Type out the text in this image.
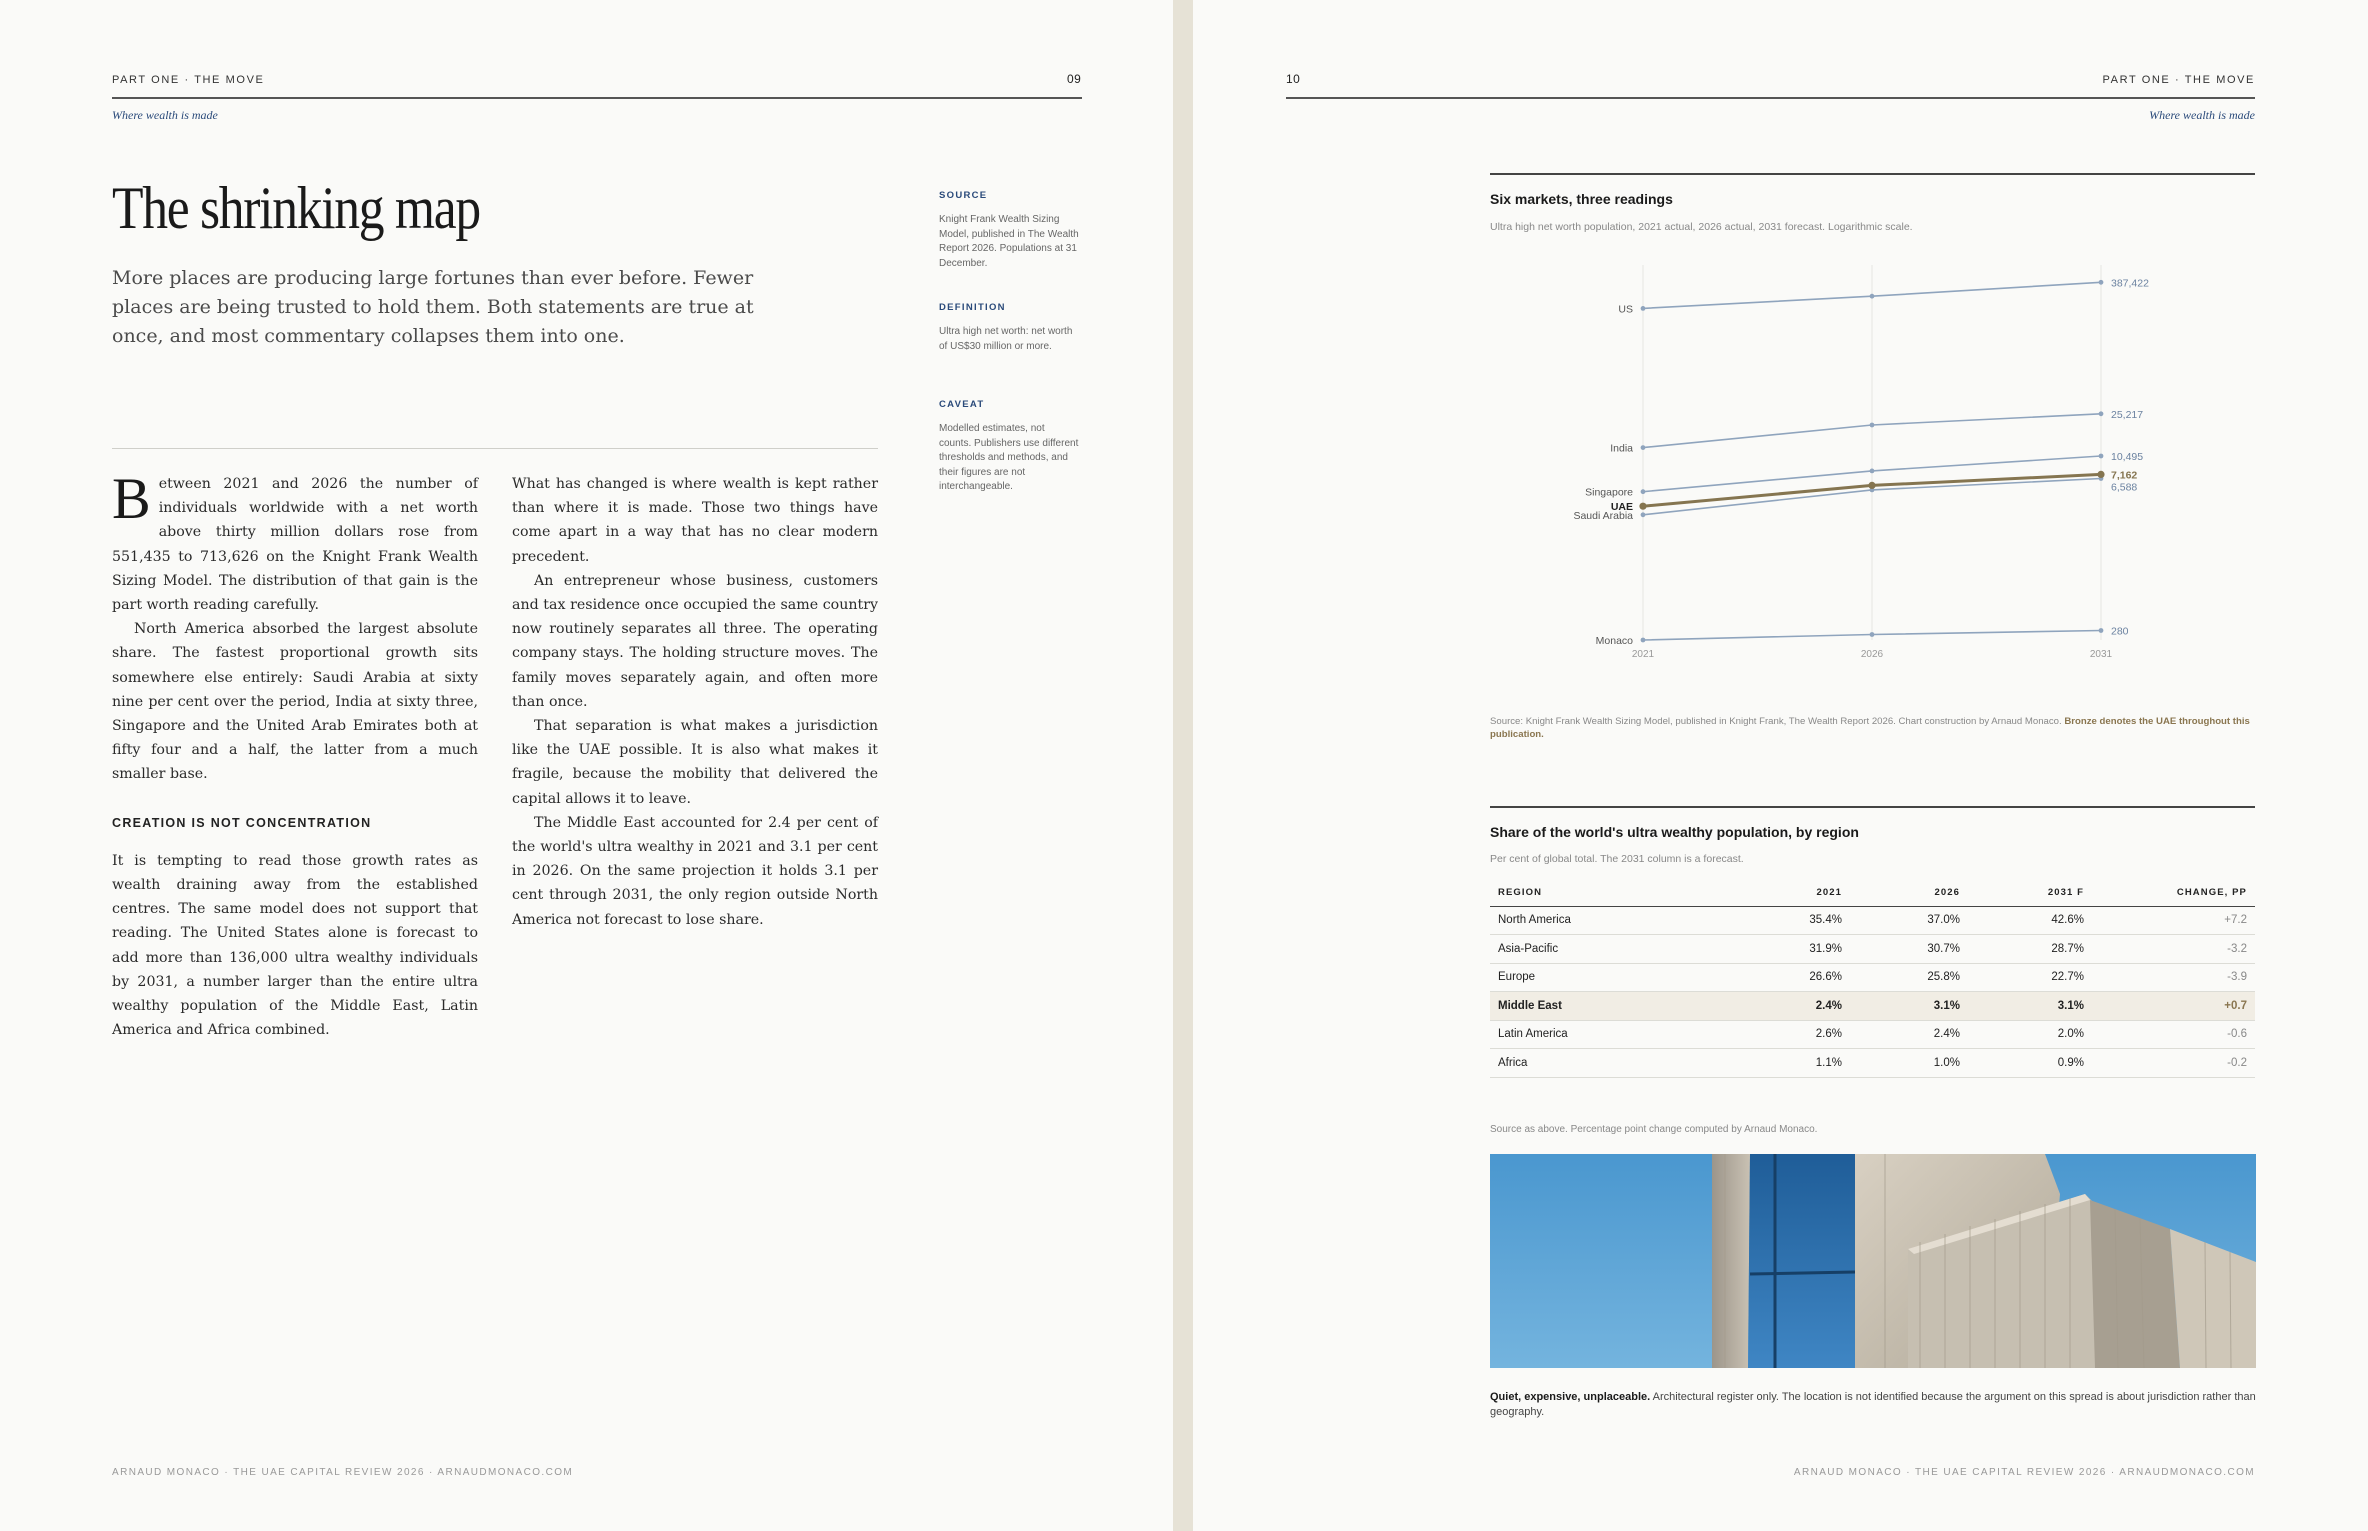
PART ONE · THE MOVE	09
Where wealth is made
The shrinking map
More places are producing large fortunes than ever before. Fewer places are being trusted to hold them. Both statements are true at once, and most commentary collapses them into one.
SOURCE
Knight Frank Wealth Sizing Model, published in The Wealth Report 2026. Populations at 31 December.
DEFINITION
Ultra high net worth: net worth of US$30 million or more.
CAVEAT
Modelled estimates, not counts. Publishers use different thresholds and methods, and their figures are not interchangeable.

Between 2021 and 2026 the number of individuals worldwide with a net worth above thirty million dollars rose from 551,435 to 713,626 on the Knight Frank Wealth Sizing Model. The distribution of that gain is the part worth reading carefully.

North America absorbed the largest absolute share. The fastest proportional growth sits somewhere else entirely: Saudi Arabia at sixty nine per cent over the period, India at sixty three, Singapore and the United Arab Emirates both at fifty four and a half, the latter from a much smaller base.

CREATION IS NOT CONCENTRATION

It is tempting to read those growth rates as wealth draining away from the established centres. The same model does not support that reading. The United States alone is forecast to add more than 136,000 ultra wealthy individuals by 2031, a number larger than the entire ultra wealthy population of the Middle East, Latin America and Africa combined.

What has changed is where wealth is kept rather than where it is made. Those two things have come apart in a way that has no clear modern precedent.

An entrepreneur whose business, customers and tax residence once occupied the same country now routinely separates all three. The operating company stays. The holding structure moves. The family moves separately again, and often more than once.

That separation is what makes a jurisdiction like the UAE possible. It is also what makes it fragile, because the mobility that delivered the capital allows it to leave.

The Middle East accounted for 2.4 per cent of the world's ultra wealthy in 2021 and 3.1 per cent in 2026. On the same projection it holds 3.1 per cent through 2031, the only region outside North America not forecast to lose share.

ARNAUD MONACO · THE UAE CAPITAL REVIEW 2026 · ARNAUDMONACO.COM
10	PART ONE · THE MOVE
Where wealth is made
Six markets, three readings
Ultra high net worth population, 2021 actual, 2026 actual, 2031 forecast. Logarithmic scale.
Source: Knight Frank Wealth Sizing Model, published in Knight Frank, The Wealth Report 2026. Chart construction by Arnaud Monaco. Bronze denotes the UAE throughout this publication.
Share of the world's ultra wealthy population, by region
Per cent of global total. The 2031 column is a forecast.
REGION	2021	2026	2031 F	CHANGE, PP
North America	35.4%	37.0%	42.6%	+7.2
Asia-Pacific	31.9%	30.7%	28.7%	-3.2
Europe	26.6%	25.8%	22.7%	-3.9
Middle East	2.4%	3.1%	3.1%	+0.7
Latin America	2.6%	2.4%	2.0%	-0.6
Africa	1.1%	1.0%	0.9%	-0.2
Source as above. Percentage point change computed by Arnaud Monaco.
Quiet, expensive, unplaceable. Architectural register only. The location is not identified because the argument on this spread is about jurisdiction rather than geography.
ARNAUD MONACO · THE UAE CAPITAL REVIEW 2026 · ARNAUDMONACO.COM
2021	2026	2031
US
India
Singapore
Saudi Arabia
Monaco
UAE
387,422
25,217
10,495
7,162
6,588
280
